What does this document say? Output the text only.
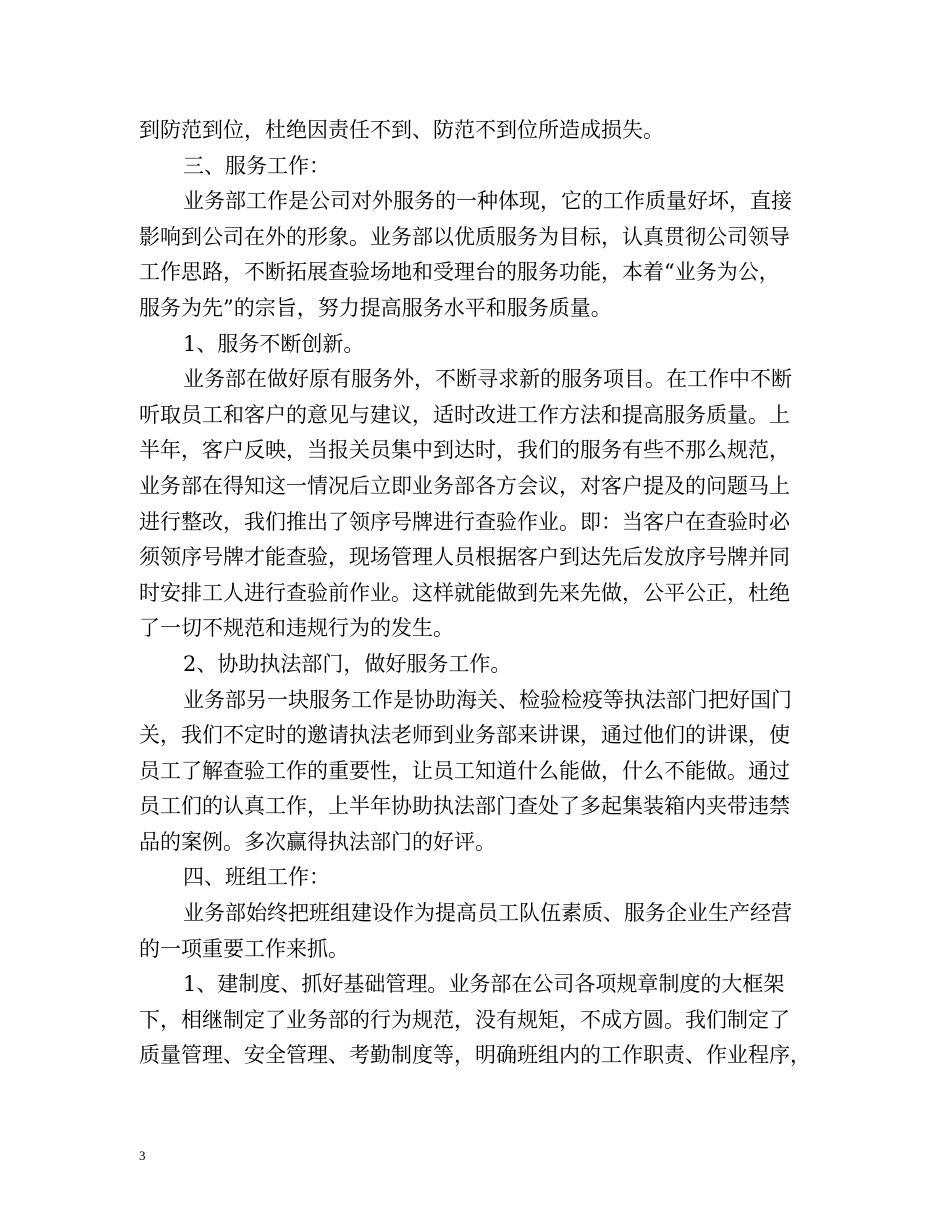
到防范到位，杜绝因责任不到、防范不到位所造成损失。
三、服务工作：
业务部工作是公司对外服务的一种体现，它的工作质量好坏，直接
影响到公司在外的形象。业务部以优质服务为目标，认真贯彻公司领导
工作思路，不断拓展查验场地和受理台的服务功能，本着“业务为公，
服务为先”的宗旨，努力提高服务水平和服务质量。
1、服务不断创新。
业务部在做好原有服务外，不断寻求新的服务项目。在工作中不断
听取员工和客户的意见与建议，适时改进工作方法和提高服务质量。上
半年，客户反映，当报关员集中到达时，我们的服务有些不那么规范，
业务部在得知这一情况后立即业务部各方会议，对客户提及的问题马上
进行整改，我们推出了领序号牌进行查验作业。即：当客户在查验时必
须领序号牌才能查验，现场管理人员根据客户到达先后发放序号牌并同
时安排工人进行查验前作业。这样就能做到先来先做，公平公正，杜绝
了一切不规范和违规行为的发生。
2、协助执法部门，做好服务工作。
业务部另一块服务工作是协助海关、检验检疫等执法部门把好国门
关，我们不定时的邀请执法老师到业务部来讲课，通过他们的讲课，使
员工了解查验工作的重要性，让员工知道什么能做，什么不能做。通过
员工们的认真工作，上半年协助执法部门查处了多起集装箱内夹带违禁
品的案例。多次赢得执法部门的好评。
四、班组工作：
业务部始终把班组建设作为提高员工队伍素质、服务企业生产经营
的一项重要工作来抓。
1、建制度、抓好基础管理。业务部在公司各项规章制度的大框架
下，相继制定了业务部的行为规范，没有规矩，不成方圆。我们制定了
质量管理、安全管理、考勤制度等，明确班组内的工作职责、作业程序，
3
